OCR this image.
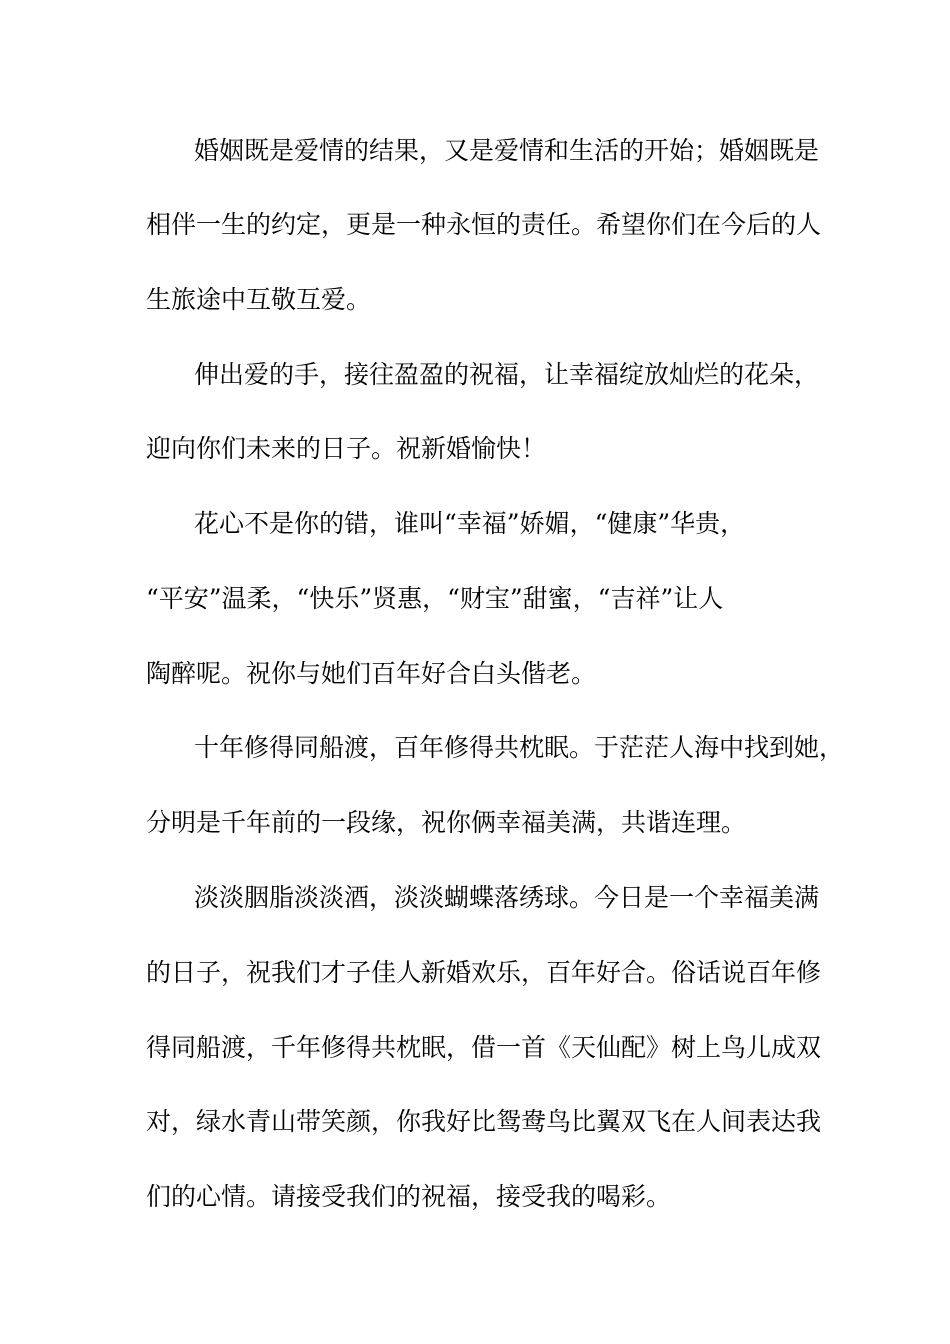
婚姻既是爱情的结果，又是爱情和生活的开始；婚姻既是
相伴一生的约定，更是一种永恒的责任。希望你们在今后的人
生旅途中互敬互爱。
伸出爱的手，接往盈盈的祝福，让幸福绽放灿烂的花朵，
迎向你们未来的日子。祝新婚愉快！
花心不是你的错，谁叫“幸福”娇媚，“健康”华贵，
“平安”温柔，“快乐”贤惠，“财宝”甜蜜，“吉祥”让人
陶醉呢。祝你与她们百年好合白头偕老。
十年修得同船渡，百年修得共枕眠。于茫茫人海中找到她，
分明是千年前的一段缘，祝你俩幸福美满，共谐连理。
淡淡胭脂淡淡酒，淡淡蝴蝶落绣球。今日是一个幸福美满
的日子，祝我们才子佳人新婚欢乐，百年好合。俗话说百年修
得同船渡，千年修得共枕眠，借一首《天仙配》树上鸟儿成双
对，绿水青山带笑颜，你我好比鸳鸯鸟比翼双飞在人间表达我
们的心情。请接受我们的祝福，接受我的喝彩。
